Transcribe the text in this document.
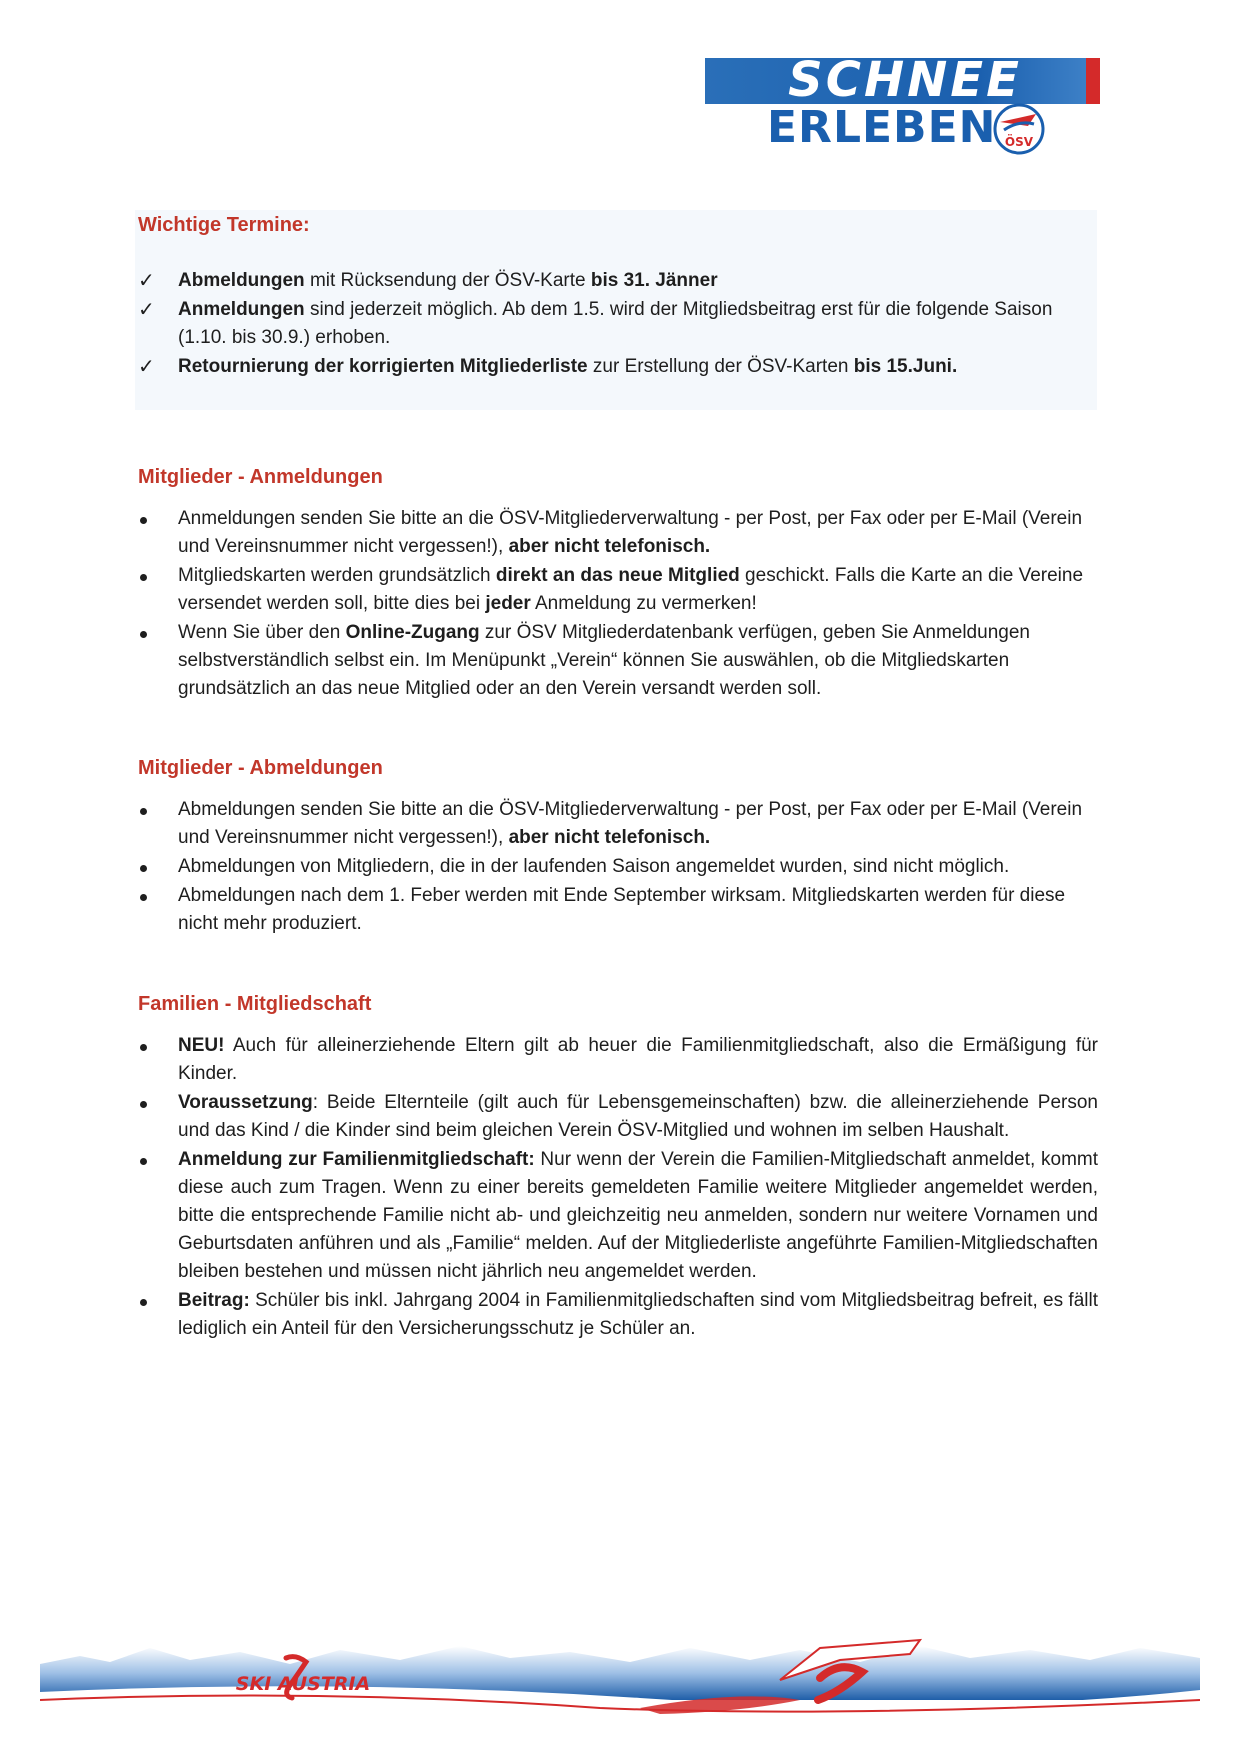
SCHNEE
ERLEBEN ÖSV
Wichtige Termine:
✓	Abmeldungen mit Rücksendung der ÖSV-Karte bis 31. Jänner
✓	Anmeldungen sind jederzeit möglich. Ab dem 1.5. wird der Mitgliedsbeitrag erst für die folgende Saison (1.10. bis 30.9.) erhoben.
✓	Retournierung der korrigierten Mitgliederliste zur Erstellung der ÖSV-Karten bis 15.Juni.
Mitglieder - Anmeldungen
Anmeldungen senden Sie bitte an die ÖSV-Mitgliederverwaltung - per Post, per Fax oder per E-Mail (Verein und Vereinsnummer nicht vergessen!), aber nicht telefonisch.
Mitgliedskarten werden grundsätzlich direkt an das neue Mitglied geschickt. Falls die Karte an die Vereine versendet werden soll, bitte dies bei jeder Anmeldung zu vermerken!
Wenn Sie über den Online-Zugang zur ÖSV Mitgliederdatenbank verfügen, geben Sie Anmeldungen selbstverständlich selbst ein. Im Menüpunkt „Verein“ können Sie auswählen, ob die Mitgliedskarten grundsätzlich an das neue Mitglied oder an den Verein versandt werden soll.
Mitglieder - Abmeldungen
Abmeldungen senden Sie bitte an die ÖSV-Mitgliederverwaltung - per Post, per Fax oder per E-Mail (Verein und Vereinsnummer nicht vergessen!), aber nicht telefonisch.
Abmeldungen von Mitgliedern, die in der laufenden Saison angemeldet wurden, sind nicht möglich.
Abmeldungen nach dem 1. Feber werden mit Ende September wirksam. Mitgliedskarten werden für diese nicht mehr produziert.
Familien - Mitgliedschaft
NEU! Auch für alleinerziehende Eltern gilt ab heuer die Familienmitgliedschaft, also die Ermäßigung für Kinder.
Voraussetzung: Beide Elternteile (gilt auch für Lebensgemeinschaften) bzw. die alleinerziehende Person und das Kind / die Kinder sind beim gleichen Verein ÖSV-Mitglied und wohnen im selben Haushalt.
Anmeldung zur Familienmitgliedschaft: Nur wenn der Verein die Familien-Mitgliedschaft anmeldet, kommt diese auch zum Tragen. Wenn zu einer bereits gemeldeten Familie weitere Mitglieder angemeldet werden, bitte die entsprechende Familie nicht ab- und gleichzeitig neu anmelden, sondern nur weitere Vornamen und Geburtsdaten anführen und als „Familie“ melden. Auf der Mitgliederliste angeführte Familien-Mitgliedschaften bleiben bestehen und müssen nicht jährlich neu angemeldet werden.
Beitrag: Schüler bis inkl. Jahrgang 2004 in Familienmitgliedschaften sind vom Mitgliedsbeitrag befreit, es fällt lediglich ein Anteil für den Versicherungsschutz je Schüler an.
SKI AUSTRIA
